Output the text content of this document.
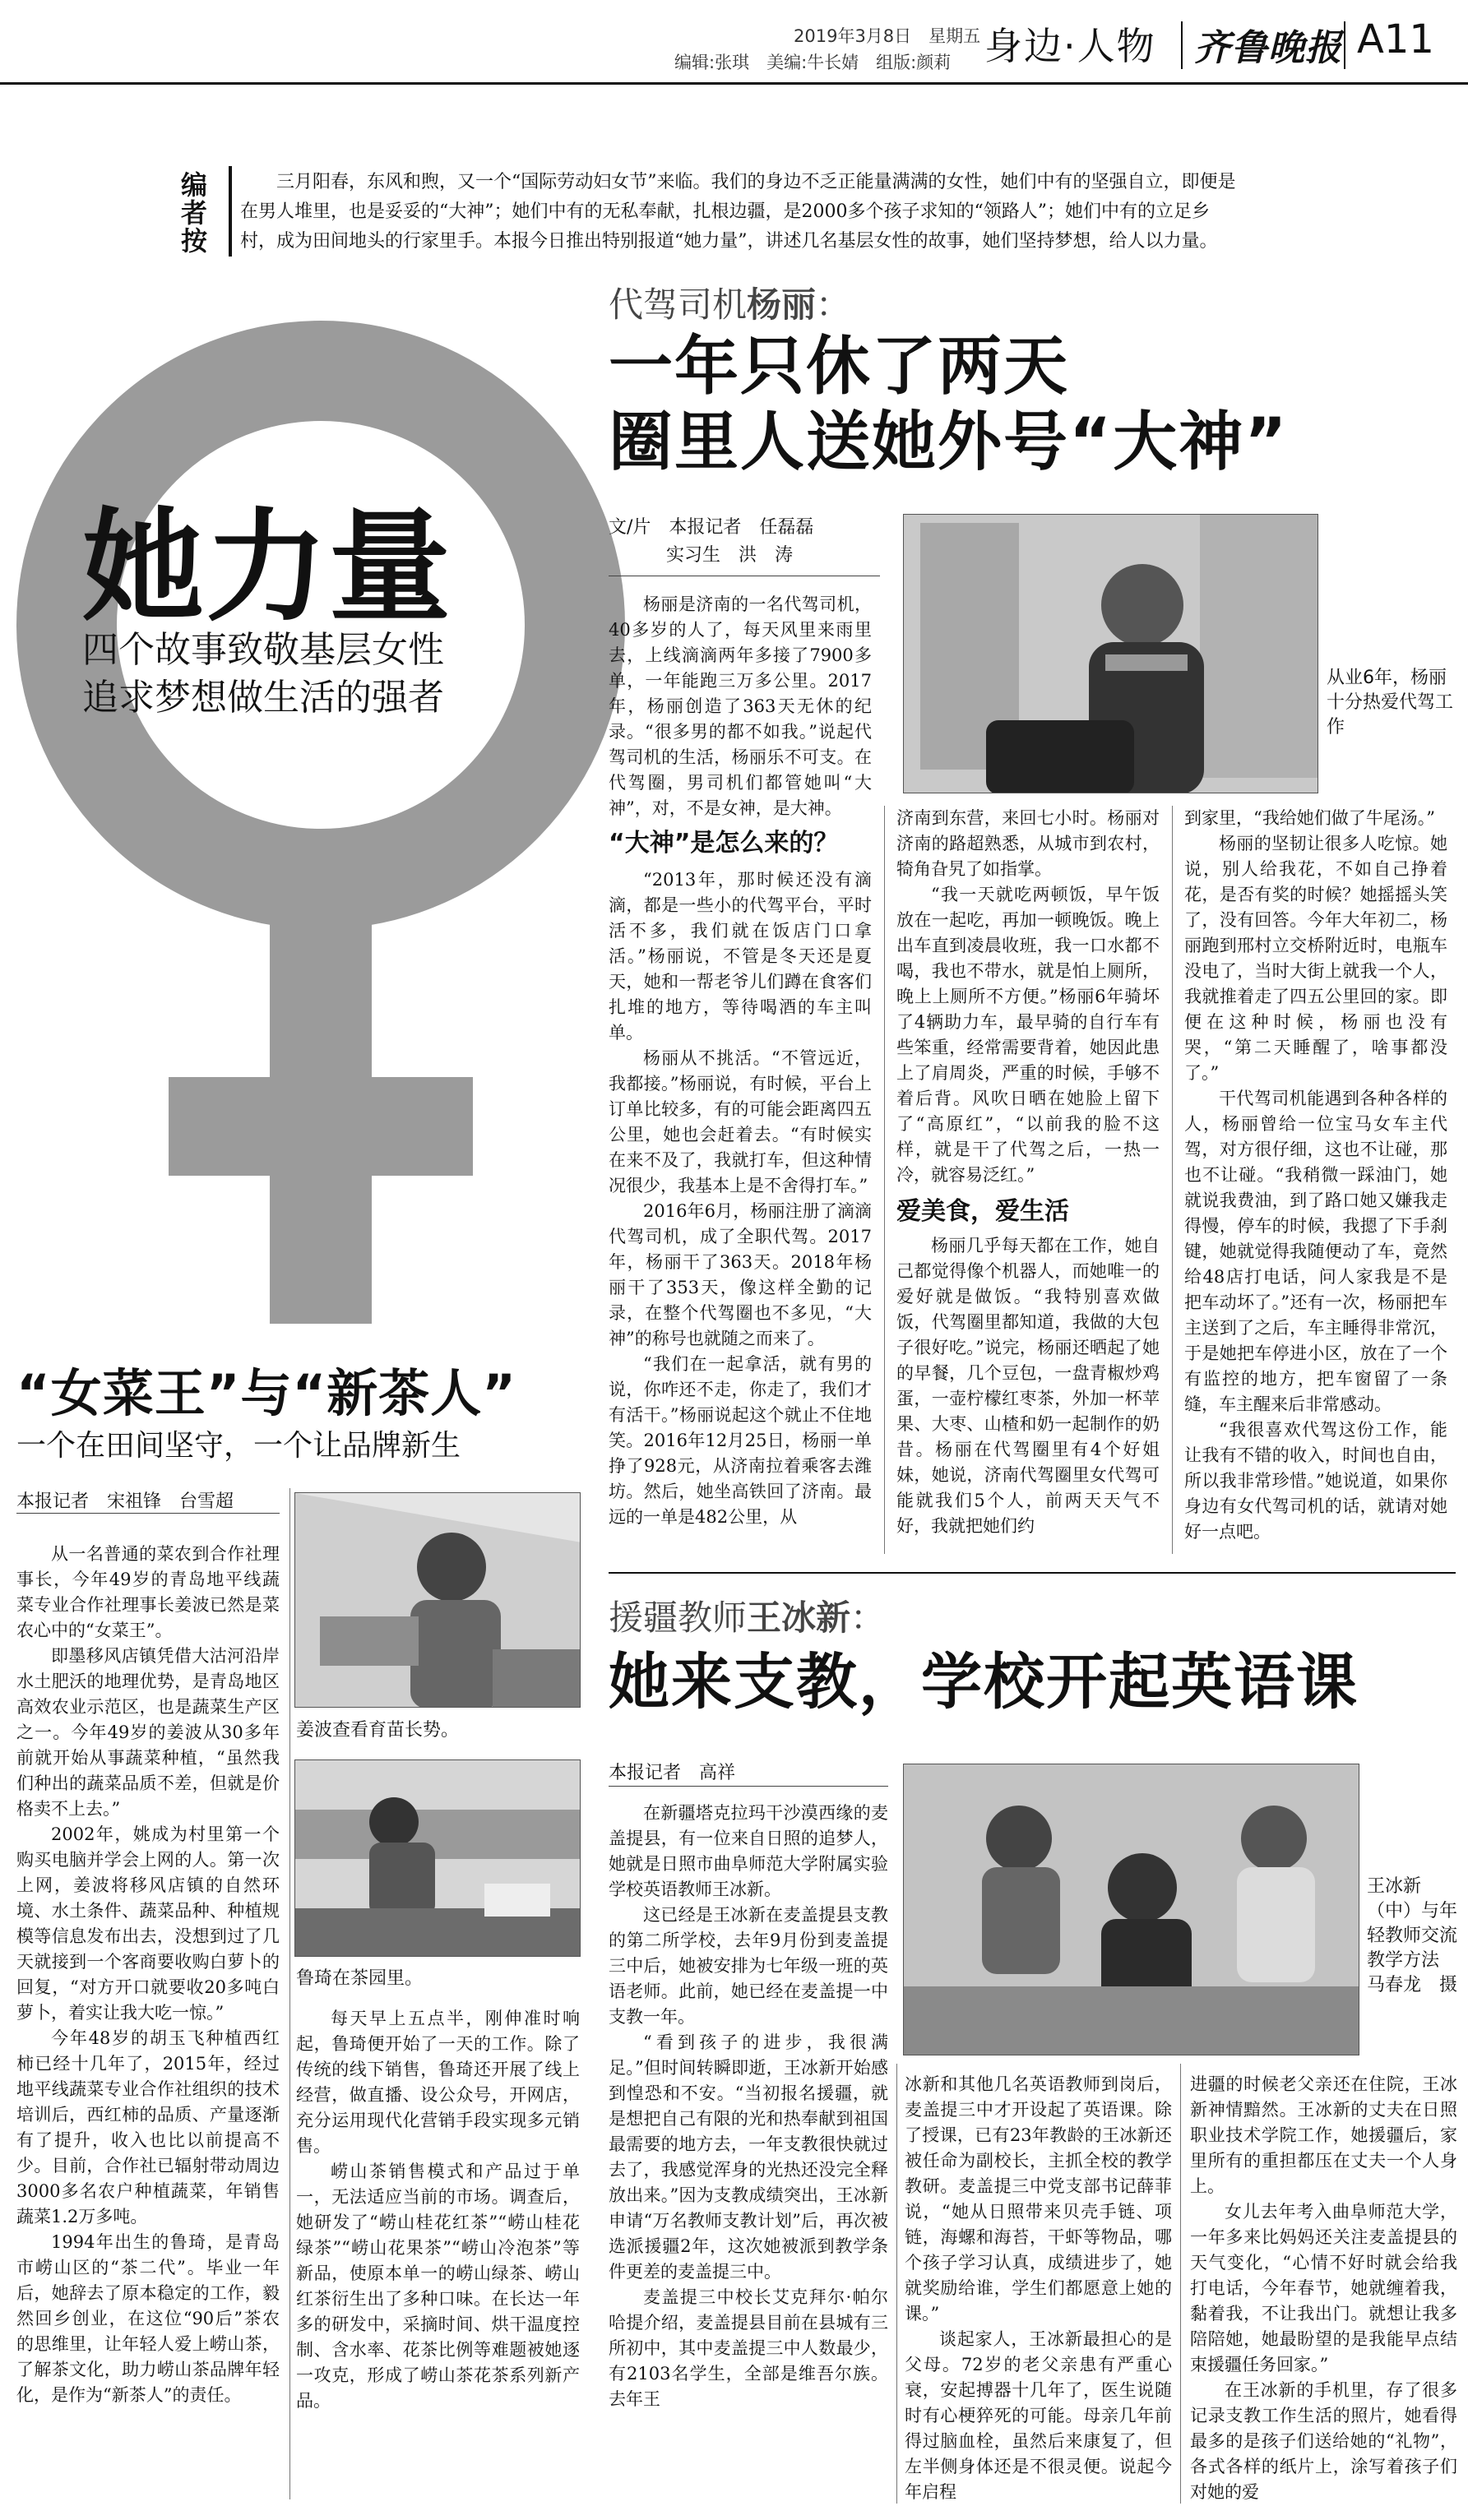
2019年3月8日　星期五
编辑:张琪　美编:牛长婧　组版:颜莉 身边·人物 齐鲁晚报 A11
编者按	三月阳春，东风和煦，又一个“国际劳动妇女节”来临。我们的身边不乏正能量满满的女性，她们中有的坚强自立，即便是在男人堆里，也是妥妥的“大神”；她们中有的无私奉献，扎根边疆，是2000多个孩子求知的“领路人”；她们中有的立足乡村，成为田间地头的行家里手。本报今日推出特别报道“她力量”，讲述几名基层女性的故事，她们坚持梦想，给人以力量。
她力量
四个故事致敬基层女性
追求梦想做生活的强者
代驾司机杨丽：
一年只休了两天
圈里人送她外号“大神”
文/片　本报记者　任磊磊
实习生　洪　涛
从业6年，杨丽十分热爱代驾工作

杨丽是济南的一名代驾司机，40多岁的人了，每天风里来雨里去，上线滴滴两年多接了7900多单，一年能跑三万多公里。2017年，杨丽创造了363天无休的纪录。“很多男的都不如我。”说起代驾司机的生活，杨丽乐不可支。在代驾圈，男司机们都管她叫“大神”，对，不是女神，是大神。

“大神”是怎么来的？

“2013年，那时候还没有滴滴，都是一些小的代驾平台，平时活不多，我们就在饭店门口拿活。”杨丽说，不管是冬天还是夏天，她和一帮老爷儿们蹲在食客们扎堆的地方，等待喝酒的车主叫单。

杨丽从不挑活。“不管远近，我都接。”杨丽说，有时候，平台上订单比较多，有的可能会距离四五公里，她也会赶着去。“有时候实在来不及了，我就打车，但这种情况很少，我基本上是不舍得打车。”

2016年6月，杨丽注册了滴滴代驾司机，成了全职代驾。2017年，杨丽干了363天。2018年杨丽干了353天，像这样全勤的记录，在整个代驾圈也不多见，“大神”的称号也就随之而来了。

“我们在一起拿活，就有男的说，你咋还不走，你走了，我们才有活干。”杨丽说起这个就止不住地笑。2016年12月25日，杨丽一单挣了928元，从济南拉着乘客去潍坊。然后，她坐高铁回了济南。最远的一单是482公里，从

济南到东营，来回七小时。杨丽对济南的路超熟悉，从城市到农村，犄角旮旯了如指掌。

“我一天就吃两顿饭，早午饭放在一起吃，再加一顿晚饭。晚上出车直到凌晨收班，我一口水都不喝，我也不带水，就是怕上厕所，晚上上厕所不方便。”杨丽6年骑坏了4辆助力车，最早骑的自行车有些笨重，经常需要背着，她因此患上了肩周炎，严重的时候，手够不着后背。风吹日晒在她脸上留下了“高原红”，“以前我的脸不这样，就是干了代驾之后，一热一冷，就容易泛红。”

爱美食，爱生活

杨丽几乎每天都在工作，她自己都觉得像个机器人，而她唯一的爱好就是做饭。“我特别喜欢做饭，代驾圈里都知道，我做的大包子很好吃。”说完，杨丽还晒起了她的早餐，几个豆包，一盘青椒炒鸡蛋，一壶柠檬红枣茶，外加一杯苹果、大枣、山楂和奶一起制作的奶昔。杨丽在代驾圈里有4个好姐妹，她说，济南代驾圈里女代驾可能就我们5个人，前两天天气不好，我就把她们约

到家里，“我给她们做了牛尾汤。”

杨丽的坚韧让很多人吃惊。她说，别人给我花，不如自己挣着花，是否有奖的时候？她摇摇头笑了，没有回答。今年大年初二，杨丽跑到邢村立交桥附近时，电瓶车没电了，当时大街上就我一个人，我就推着走了四五公里回的家。即便在这种时候，杨丽也没有哭，“第二天睡醒了，啥事都没了。”

干代驾司机能遇到各种各样的人，杨丽曾给一位宝马女车主代驾，对方很仔细，这也不让碰，那也不让碰。“我稍微一踩油门，她就说我费油，到了路口她又嫌我走得慢，停车的时候，我摁了下手刹键，她就觉得我随便动了车，竟然给48店打电话，问人家我是不是把车动坏了。”还有一次，杨丽把车主送到了之后，车主睡得非常沉，于是她把车停进小区，放在了一个有监控的地方，把车窗留了一条缝，车主醒来后非常感动。

“我很喜欢代驾这份工作，能让我有不错的收入，时间也自由，所以我非常珍惜。”她说道，如果你身边有女代驾司机的话，就请对她好一点吧。

“女菜王”与“新茶人”
一个在田间坚守，一个让品牌新生
本报记者　宋祖锋　台雪超

从一名普通的菜农到合作社理事长，今年49岁的青岛地平线蔬菜专业合作社理事长姜波已然是菜农心中的“女菜王”。

即墨移风店镇凭借大沽河沿岸水土肥沃的地理优势，是青岛地区高效农业示范区，也是蔬菜生产区之一。今年49岁的姜波从30多年前就开始从事蔬菜种植，“虽然我们种出的蔬菜品质不差，但就是价格卖不上去。”

2002年，姚成为村里第一个购买电脑并学会上网的人。第一次上网，姜波将移风店镇的自然环境、水土条件、蔬菜品种、种植规模等信息发布出去，没想到过了几天就接到一个客商要收购白萝卜的回复，“对方开口就要收20多吨白萝卜，着实让我大吃一惊。”

今年48岁的胡玉飞种植西红柿已经十几年了，2015年，经过地平线蔬菜专业合作社组织的技术培训后，西红柿的品质、产量逐渐有了提升，收入也比以前提高不少。目前，合作社已辐射带动周边3000多名农户种植蔬菜，年销售蔬菜1.2万多吨。

1994年出生的鲁琦，是青岛市崂山区的“茶二代”。毕业一年后，她辞去了原本稳定的工作，毅然回乡创业，在这位“90后”茶农的思维里，让年轻人爱上崂山茶，了解茶文化，助力崂山茶品牌年轻化，是作为“新茶人”的责任。

姜波查看育苗长势。
鲁琦在茶园里。

每天早上五点半，刚伸准时响起，鲁琦便开始了一天的工作。除了传统的线下销售，鲁琦还开展了线上经营，做直播、设公众号，开网店，充分运用现代化营销手段实现多元销售。

崂山茶销售模式和产品过于单一，无法适应当前的市场。调查后，她研发了“崂山桂花红茶”“崂山桂花绿茶”“崂山花果茶”“崂山冷泡茶”等新品，使原本单一的崂山绿茶、崂山红茶衍生出了多种口味。在长达一年多的研发中，采摘时间、烘干温度控制、含水率、花茶比例等难题被她逐一攻克，形成了崂山茶花茶系列新产品。

援疆教师王冰新：
她来支教，学校开起英语课
本报记者　高祥
王冰新（中）与年轻教师交流教学方法　马春龙　摄

在新疆塔克拉玛干沙漠西缘的麦盖提县，有一位来自日照的追梦人，她就是日照市曲阜师范大学附属实验学校英语教师王冰新。

这已经是王冰新在麦盖提县支教的第二所学校，去年9月份到麦盖提三中后，她被安排为七年级一班的英语老师。此前，她已经在麦盖提一中支教一年。

“看到孩子的进步，我很满足。”但时间转瞬即逝，王冰新开始感到惶恐和不安。“当初报名援疆，就是想把自己有限的光和热奉献到祖国最需要的地方去，一年支教很快就过去了，我感觉浑身的光热还没完全释放出来。”因为支教成绩突出，王冰新申请“万名教师支教计划”后，再次被选派援疆2年，这次她被派到教学条件更差的麦盖提三中。

麦盖提三中校长艾克拜尔·帕尔哈提介绍，麦盖提县目前在县城有三所初中，其中麦盖提三中人数最少，有2103名学生，全部是维吾尔族。去年王

冰新和其他几名英语教师到岗后，麦盖提三中才开设起了英语课。除了授课，已有23年教龄的王冰新还被任命为副校长，主抓全校的教学教研。麦盖提三中党支部书记薛菲说，“她从日照带来贝壳手链、项链，海螺和海苔，干虾等物品，哪个孩子学习认真，成绩进步了，她就奖励给谁，学生们都愿意上她的课。”

谈起家人，王冰新最担心的是父母。72岁的老父亲患有严重心衰，安起搏器十几年了，医生说随时有心梗猝死的可能。母亲几年前得过脑血栓，虽然后来康复了，但左半侧身体还是不很灵便。说起今年启程

进疆的时候老父亲还在住院，王冰新神情黯然。王冰新的丈夫在日照职业技术学院工作，她援疆后，家里所有的重担都压在丈夫一个人身上。

女儿去年考入曲阜师范大学，一年多来比妈妈还关注麦盖提县的天气变化，“心情不好时就会给我打电话，今年春节，她就缠着我，黏着我，不让我出门。就想让我多陪陪她，她最盼望的是我能早点结束援疆任务回家。”

在王冰新的手机里，存了很多记录支教工作生活的照片，她看得最多的是孩子们送给她的“礼物”，各式各样的纸片上，涂写着孩子们对她的爱
